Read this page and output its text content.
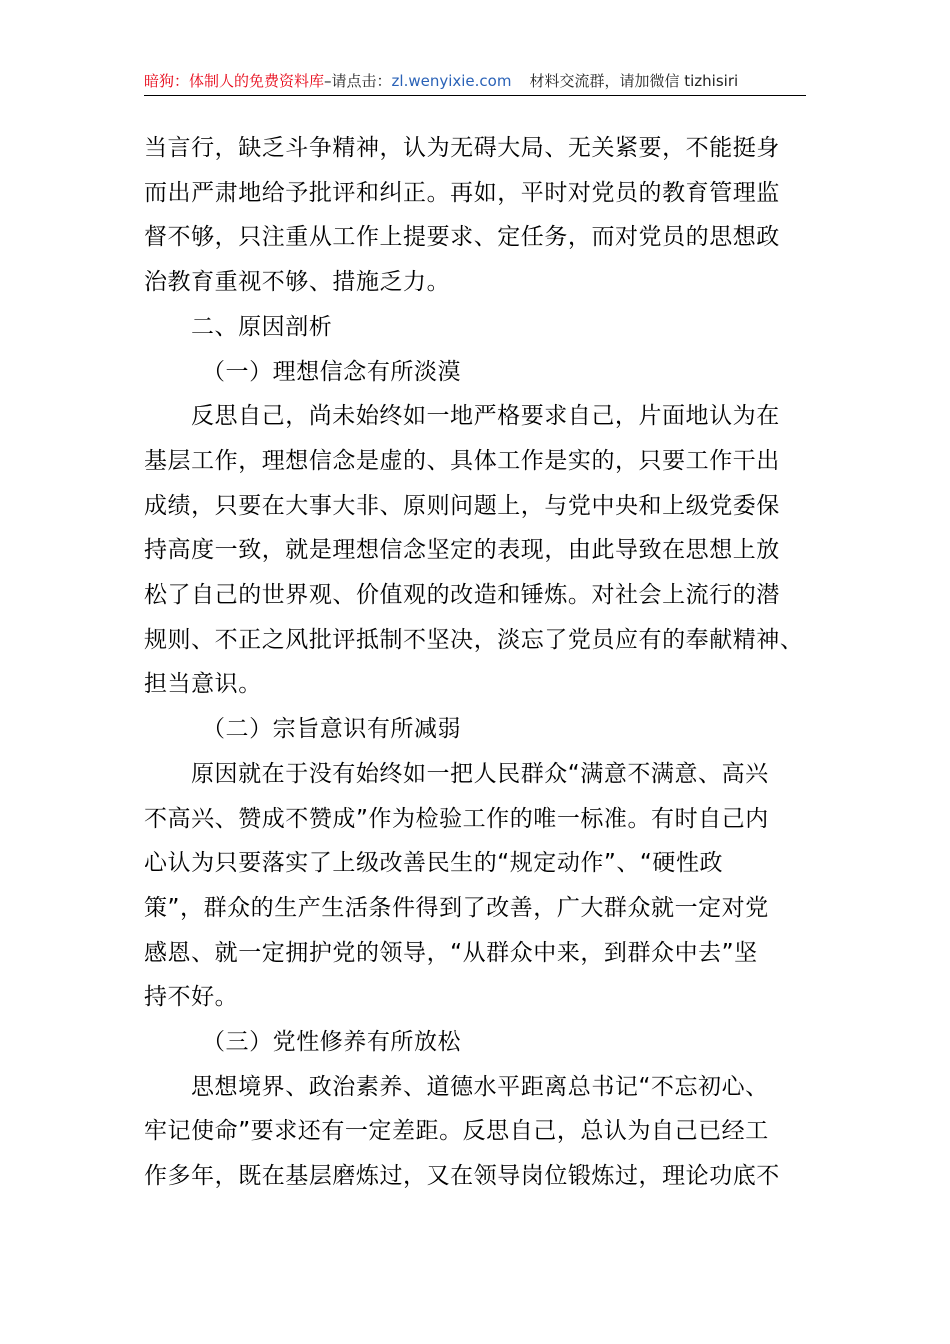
暗狗：体制人的免费资料库–请点击：zl.wenyixie.com 材料交流群，请加微信 tizhisiri
当言行，缺乏斗争精神，认为无碍大局、无关紧要，不能挺身
而出严肃地给予批评和纠正。再如，平时对党员的教育管理监
督不够，只注重从工作上提要求、定任务，而对党员的思想政
治教育重视不够、措施乏力。
二、原因剖析
（一）理想信念有所淡漠
反思自己，尚未始终如一地严格要求自己，片面地认为在
基层工作，理想信念是虚的、具体工作是实的，只要工作干出
成绩，只要在大事大非、原则问题上，与党中央和上级党委保
持高度一致，就是理想信念坚定的表现，由此导致在思想上放
松了自己的世界观、价值观的改造和锤炼。对社会上流行的潜
规则、不正之风批评抵制不坚决，淡忘了党员应有的奉献精神、
担当意识。
（二）宗旨意识有所减弱
原因就在于没有始终如一把人民群众“满意不满意、高兴
不高兴、赞成不赞成”作为检验工作的唯一标准。有时自己内
心认为只要落实了上级改善民生的“规定动作”、“硬性政
策”，群众的生产生活条件得到了改善，广大群众就一定对党
感恩、就一定拥护党的领导，“从群众中来，到群众中去”坚
持不好。
（三）党性修养有所放松
思想境界、政治素养、道德水平距离总书记“不忘初心、
牢记使命”要求还有一定差距。反思自己，总认为自己已经工
作多年，既在基层磨炼过，又在领导岗位锻炼过，理论功底不
